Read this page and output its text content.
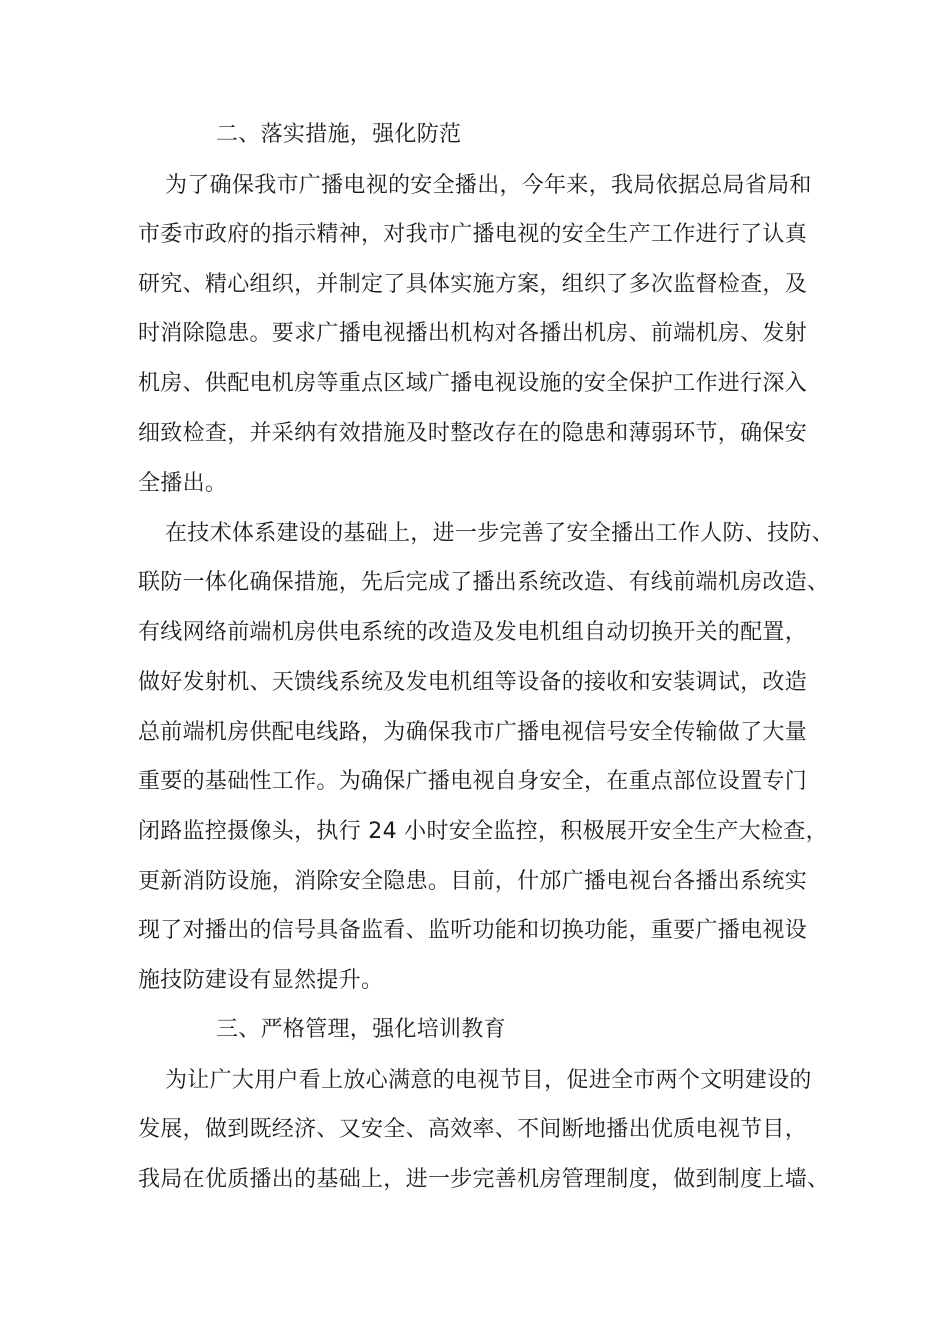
二、落实措施，强化防范
为了确保我市广播电视的安全播出，今年来，我局依据总局省局和
市委市政府的指示精神，对我市广播电视的安全生产工作进行了认真
研究、精心组织，并制定了具体实施方案，组织了多次监督检查，及
时消除隐患。要求广播电视播出机构对各播出机房、前端机房、发射
机房、供配电机房等重点区域广播电视设施的安全保护工作进行深入
细致检查，并采纳有效措施及时整改存在的隐患和薄弱环节，确保安
全播出。
在技术体系建设的基础上，进一步完善了安全播出工作人防、技防、
联防一体化确保措施，先后完成了播出系统改造、有线前端机房改造、
有线网络前端机房供电系统的改造及发电机组自动切换开关的配置，
做好发射机、天馈线系统及发电机组等设备的接收和安装调试，改造
总前端机房供配电线路，为确保我市广播电视信号安全传输做了大量
重要的基础性工作。为确保广播电视自身安全，在重点部位设置专门
闭路监控摄像头，执行 24 小时安全监控，积极展开安全生产大检查，
更新消防设施，消除安全隐患。目前，什邡广播电视台各播出系统实
现了对播出的信号具备监看、监听功能和切换功能，重要广播电视设
施技防建设有显然提升。
三、严格管理，强化培训教育
为让广大用户看上放心满意的电视节目，促进全市两个文明建设的
发展，做到既经济、又安全、高效率、不间断地播出优质电视节目，
我局在优质播出的基础上，进一步完善机房管理制度，做到制度上墙、
